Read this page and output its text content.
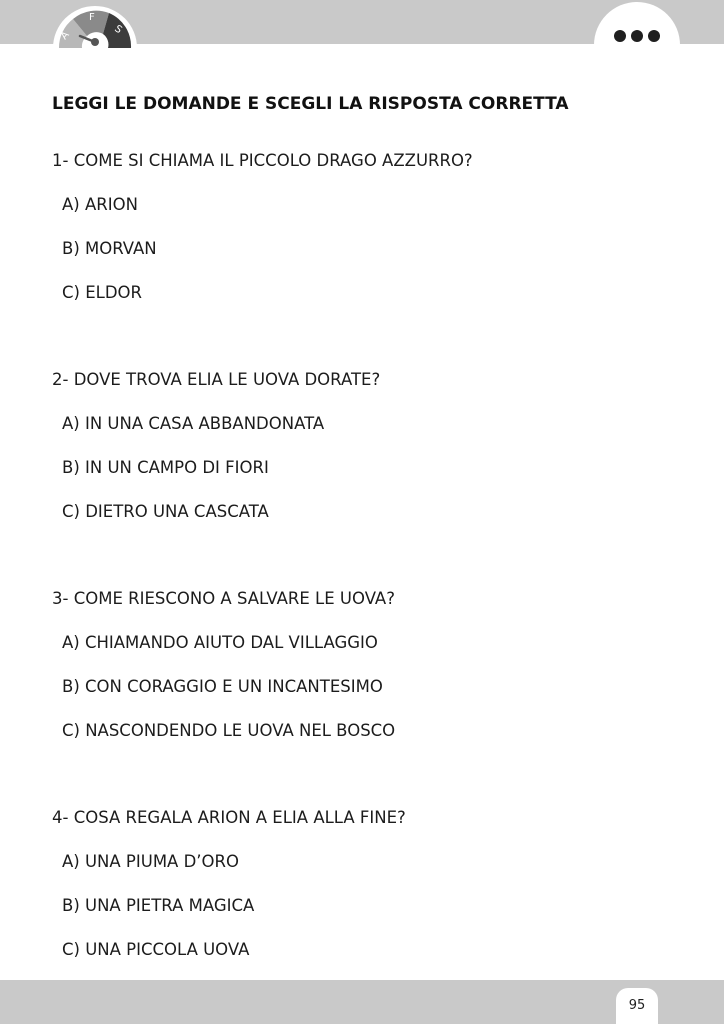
A
F
S
LEGGI LE DOMANDE E SCEGLI LA RISPOSTA CORRETTA
1- COME SI CHIAMA IL PICCOLO DRAGO AZZURRO?
A) ARION
B) MORVAN
C) ELDOR
2- DOVE TROVA ELIA LE UOVA DORATE?
A) IN UNA CASA ABBANDONATA
B) IN UN CAMPO DI FIORI
C) DIETRO UNA CASCATA
3- COME RIESCONO A SALVARE LE UOVA?
A) CHIAMANDO AIUTO DAL VILLAGGIO
B) CON CORAGGIO E UN INCANTESIMO
C) NASCONDENDO LE UOVA NEL BOSCO
4- COSA REGALA ARION A ELIA ALLA FINE?
A) UNA PIUMA D’ORO
B) UNA PIETRA MAGICA
C) UNA PICCOLA UOVA
95
